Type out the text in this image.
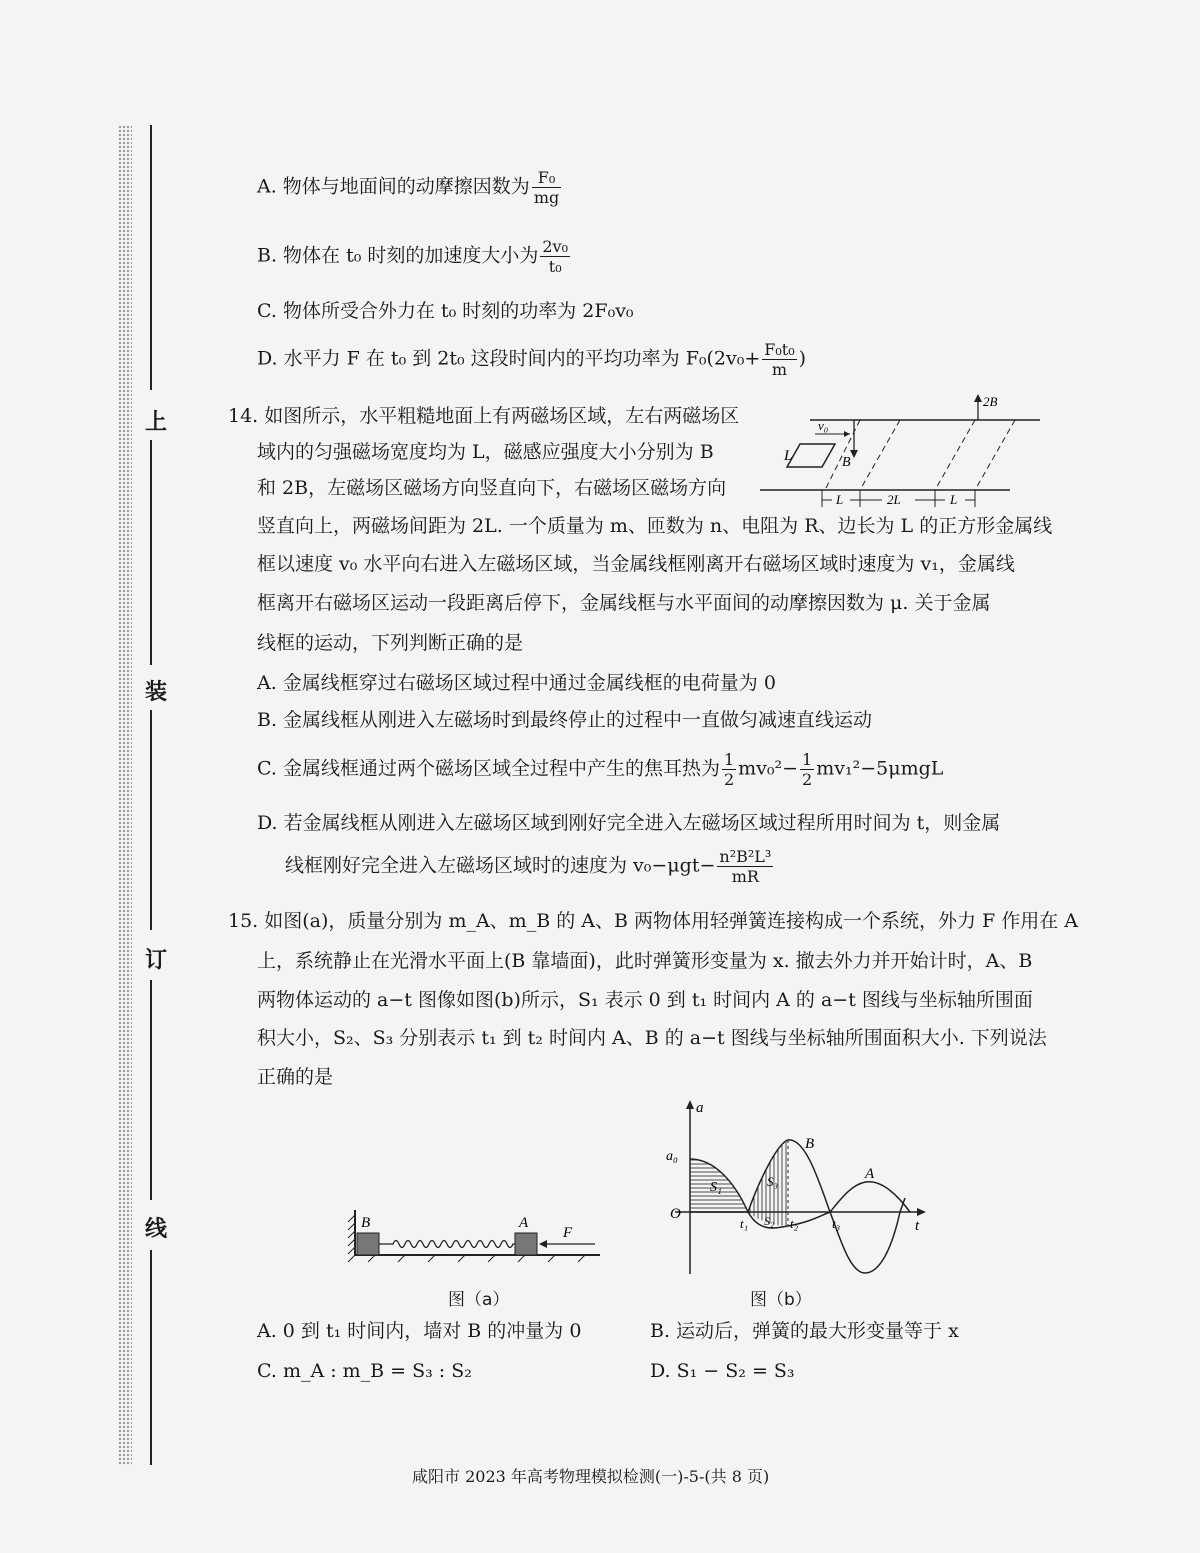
上
装
订
线
A. 物体与地面间的动摩擦因数为 $\frac{\text{F₀}}{mg}$
B. 物体在 t₀ 时刻的加速度大小为 $\frac{\text{2v₀}}{\text{t₀}}$
C. 物体所受合外力在 t₀ 时刻的功率为 2F₀v₀
D. 水平力 F 在 t₀ 到 2t₀ 这段时间内的平均功率为 $F_0(2v_0+ \frac{\text{F₀t₀}}{m}$ )
14. 如图所示，水平粗糙地面上有两磁场区域，左右两磁场区
域内的匀强磁场宽度均为 L，磁感应强度大小分别为 B
和 2B，左磁场区磁场方向竖直向下，右磁场区磁场方向
竖直向上，两磁场间距为 2L. 一个质量为 m、匝数为 n、电阻为 R、边长为 L 的正方形金属线
框以速度 v₀ 水平向右进入左磁场区域，当金属线框刚离开右磁场区域时速度为 v₁，金属线
框离开右磁场区运动一段距离后停下，金属线框与水平面间的动摩擦因数为 μ. 关于金属
线框的运动，下列判断正确的是
v₀
L	B
2B
L	2L	L
A. 金属线框穿过右磁场区域过程中通过金属线框的电荷量为 0
B. 金属线框从刚进入左磁场时到最终停止的过程中一直做匀减速直线运动
C. 金属线框通过两个磁场区域全过程中产生的焦耳热为 $\frac{1}{2} mv_0^2- \frac{1}{2} mv_1^2-5\mu mgL$
D. 若金属线框从刚进入左磁场区域到刚好完全进入左磁场区域过程所用时间为 t，则金属
线框刚好完全进入左磁场区域时的速度为 $v_0-\mu gt- \frac{\text{n²B²L³}}{mR}$
15. 如图(a)，质量分别为 m_A、m_B 的 A、B 两物体用轻弹簧连接构成一个系统，外力 F 作用在 A
上，系统静止在光滑水平面上(B 靠墙面)，此时弹簧形变量为 x. 撤去外力并开始计时，A、B
两物体运动的 a−t 图像如图(b)所示，S₁ 表示 0 到 t₁ 时间内 A 的 a−t 图线与坐标轴所围面
积大小，S₂、S₃ 分别表示 t₁ 到 t₂ 时间内 A、B 的 a−t 图线与坐标轴所围面积大小. 下列说法
正确的是
B	A
F
图（a）
a
t
O
a₀
S₁	S₃
S₂
t₁	t₂	t₃
B
A
图（b）
A. 0 到 t₁ 时间内，墙对 B 的冲量为 0	B. 运动后，弹簧的最大形变量等于 x
C. m_A : m_B = S₃ : S₂	D. S₁ − S₂ = S₃
咸阳市 2023 年高考物理模拟检测(一)-5-(共 8 页)
